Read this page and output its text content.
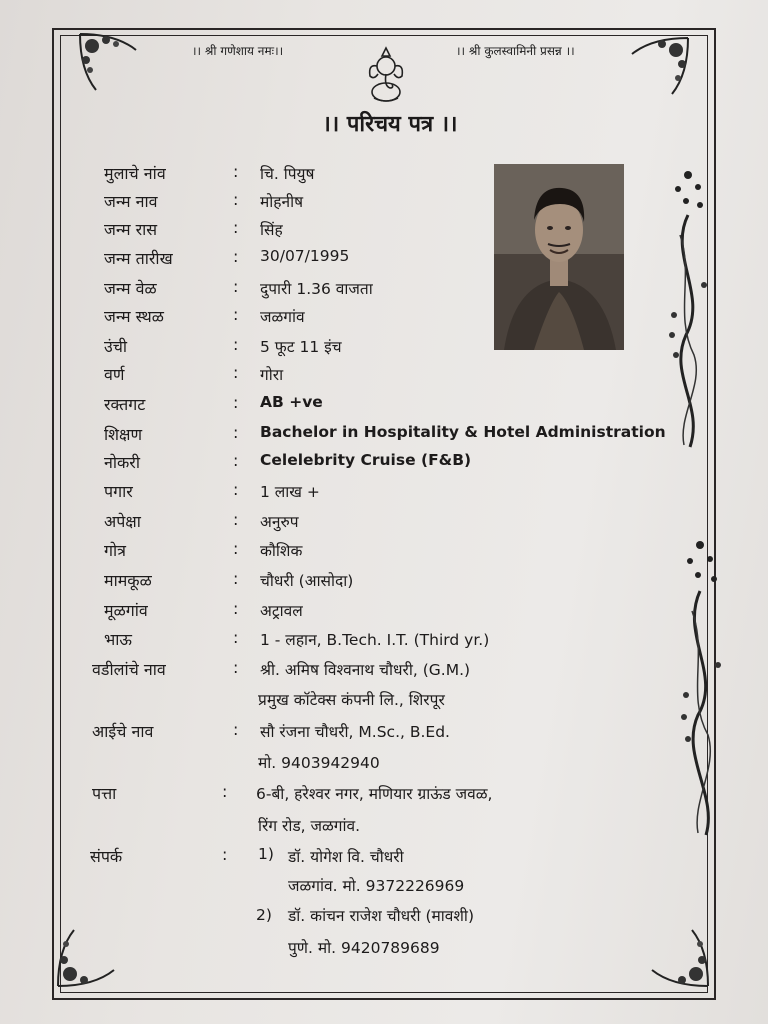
।। श्री गणेशाय नमः।।	।। श्री कुलस्वामिनी प्रसन्न ।।
।। परिचय पत्र ।।
मुलाचे नांव	: चि. पियुष
जन्म नाव	: मोहनीष
जन्म रास	: सिंह
जन्म तारीख	: 30/07/1995
जन्म वेळ	: दुपारी 1.36 वाजता
जन्म स्थळ	: जळगांव
उंची	: 5 फूट 11 इंच
वर्ण	: गोरा
रक्तगट	: AB +ve
शिक्षण	: Bachelor in Hospitality & Hotel Administration
नोकरी	: Celelebrity Cruise (F&B)
पगार	: 1 लाख +
अपेक्षा	: अनुरुप
गोत्र	: कौशिक
मामकूळ	: चौधरी (आसोदा)
मूळगांव	: अट्रावल
भाऊ	: 1 - लहान, B.Tech. I.T. (Third yr.)
वडीलांचे नाव	: श्री. अमिष विश्वनाथ चौधरी, (G.M.)
प्रमुख कॉटेक्स कंपनी लि., शिरपूर
आईचे नाव	: सौ रंजना चौधरी, M.Sc., B.Ed.
मो. 9403942940
पत्ता	: 6-बी, हरेश्वर नगर, मणियार ग्राऊंड जवळ,
रिंग रोड, जळगांव.
संपर्क	: 1) डॉ. योगेश वि. चौधरी
जळगांव. मो. 9372226969
2) डॉ. कांचन राजेश चौधरी (मावशी)
पुणे. मो. 9420789689
